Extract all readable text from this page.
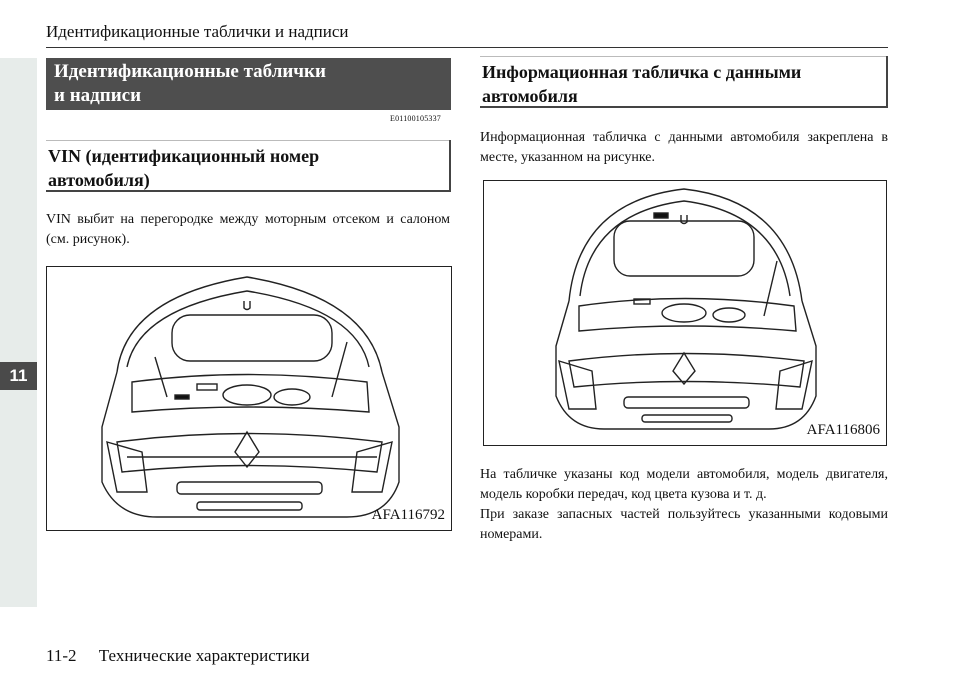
11
Идентификационные таблички и надписи
Идентификационные таблички
и надписи
E01100105337
VIN (идентификационный номер
автомобиля)
VIN выбит на перегородке между моторным отсеком и салоном (см. рисунок).
AFA116792
Информационная табличка с данными
автомобиля
Информационная табличка с данными автомобиля закреплена в месте, указанном на рисунке.
AFA116806
На табличке указаны код модели автомобиля, модель двигателя, модель коробки передач, код цвета кузова и т. д.
При заказе запасных частей пользуйтесь указанными кодовыми номерами.
11-2 Технические характеристики
